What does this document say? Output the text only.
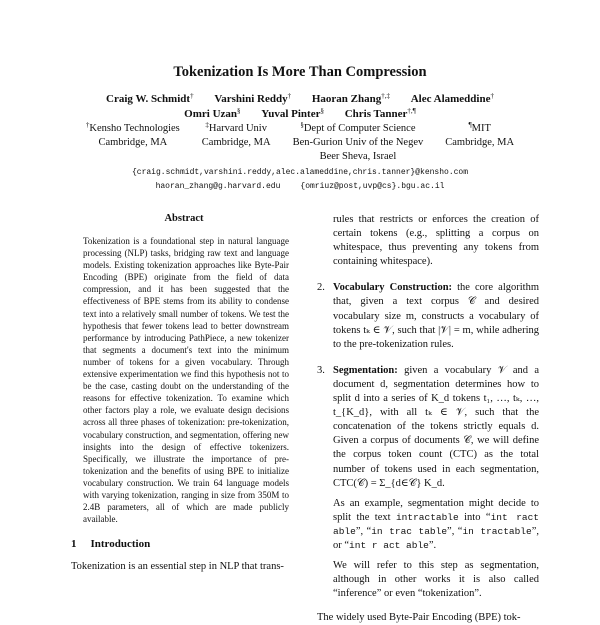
Tokenization Is More Than Compression
Craig W. Schmidt† Varshini Reddy† Haoran Zhang†,‡ Alec Alameddine†
Omri Uzan§ Yuval Pinter§ Chris Tanner†,¶
†Kensho Technologies
Cambridge, MA
‡Harvard Univ
Cambridge, MA
§Dept of Computer Science
Ben-Gurion Univ of the Negev
Beer Sheva, Israel
¶MIT
Cambridge, MA
{craig.schmidt,varshini.reddy,alec.alameddine,chris.tanner}@kensho.com
haoran_zhang@g.harvard.edu	{omriuz@post,uvp@cs}.bgu.ac.il
Abstract
Tokenization is a foundational step in natural language processing (NLP) tasks, bridging raw text and language models. Existing tokenization approaches like Byte-Pair Encoding (BPE) originate from the field of data compression, and it has been suggested that the effectiveness of BPE stems from its ability to condense text into a relatively small number of tokens. We test the hypothesis that fewer tokens lead to better downstream performance by introducing PathPiece, a new tokenizer that segments a document's text into the minimum number of tokens for a given vocabulary. Through extensive experimentation we find this hypothesis not to be the case, casting doubt on the understanding of the reasons for effective tokenization. To examine which other factors play a role, we evaluate design decisions across all three phases of tokenization: pre-tokenization, vocabulary construction, and segmentation, offering new insights into the design of effective tokenizers. Specifically, we illustrate the importance of pre-tokenization and the benefits of using BPE to initialize vocabulary construction. We train 64 language models with varying tokenization, ranging in size from 350M to 2.4B parameters, all of which are made publicly available.
1 Introduction
Tokenization is an essential step in NLP that trans-
rules that restricts or enforces the creation of certain tokens (e.g., splitting a corpus on whitespace, thus preventing any tokens from containing whitespace).
2. Vocabulary Construction: the core algorithm that, given a text corpus 𝒞 and desired vocabulary size m, constructs a vocabulary of tokens tₖ ∈ 𝒱, such that |𝒱| = m, while adhering to the pre-tokenization rules.
3. Segmentation: given a vocabulary 𝒱 and a document d, segmentation determines how to split d into a series of K_d tokens t₁, …, tₖ, …, t_{K_d}, with all tₖ ∈ 𝒱, such that the concatenation of the tokens strictly equals d. Given a corpus of documents 𝒞, we will define the corpus token count (CTC) as the total number of tokens used in each segmentation, CTC(𝒞) = Σ_{d∈𝒞} K_d.
As an example, segmentation might decide to split the text intractable into “int ract able”, “in trac table”, “in tractable”, or “int r act able”.
We will refer to this step as segmentation, although in other works it is also called “inference” or even “tokenization”.
The widely used Byte-Pair Encoding (BPE) tok-
